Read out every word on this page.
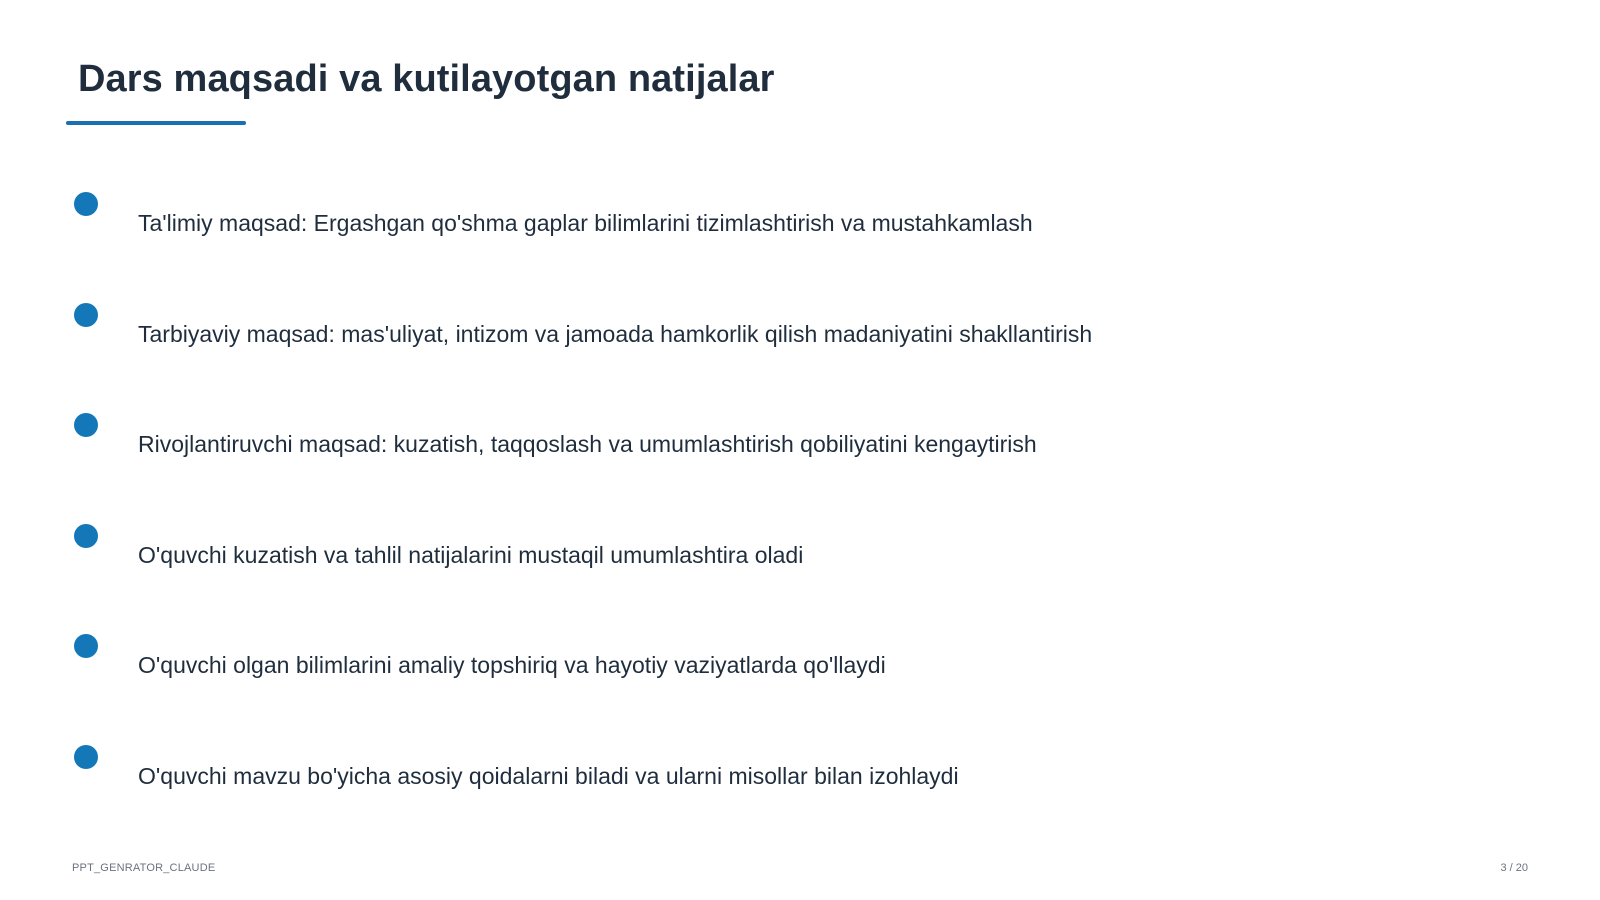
Dars maqsadi va kutilayotgan natijalar
Ta'limiy maqsad: Ergashgan qo'shma gaplar bilimlarini tizimlashtirish va mustahkamlash
Tarbiyaviy maqsad: mas'uliyat, intizom va jamoada hamkorlik qilish madaniyatini shakllantirish
Rivojlantiruvchi maqsad: kuzatish, taqqoslash va umumlashtirish qobiliyatini kengaytirish
O'quvchi kuzatish va tahlil natijalarini mustaqil umumlashtira oladi
O'quvchi olgan bilimlarini amaliy topshiriq va hayotiy vaziyatlarda qo'llaydi
O'quvchi mavzu bo'yicha asosiy qoidalarni biladi va ularni misollar bilan izohlaydi
PPT_GENRATOR_CLAUDE	3 / 20
